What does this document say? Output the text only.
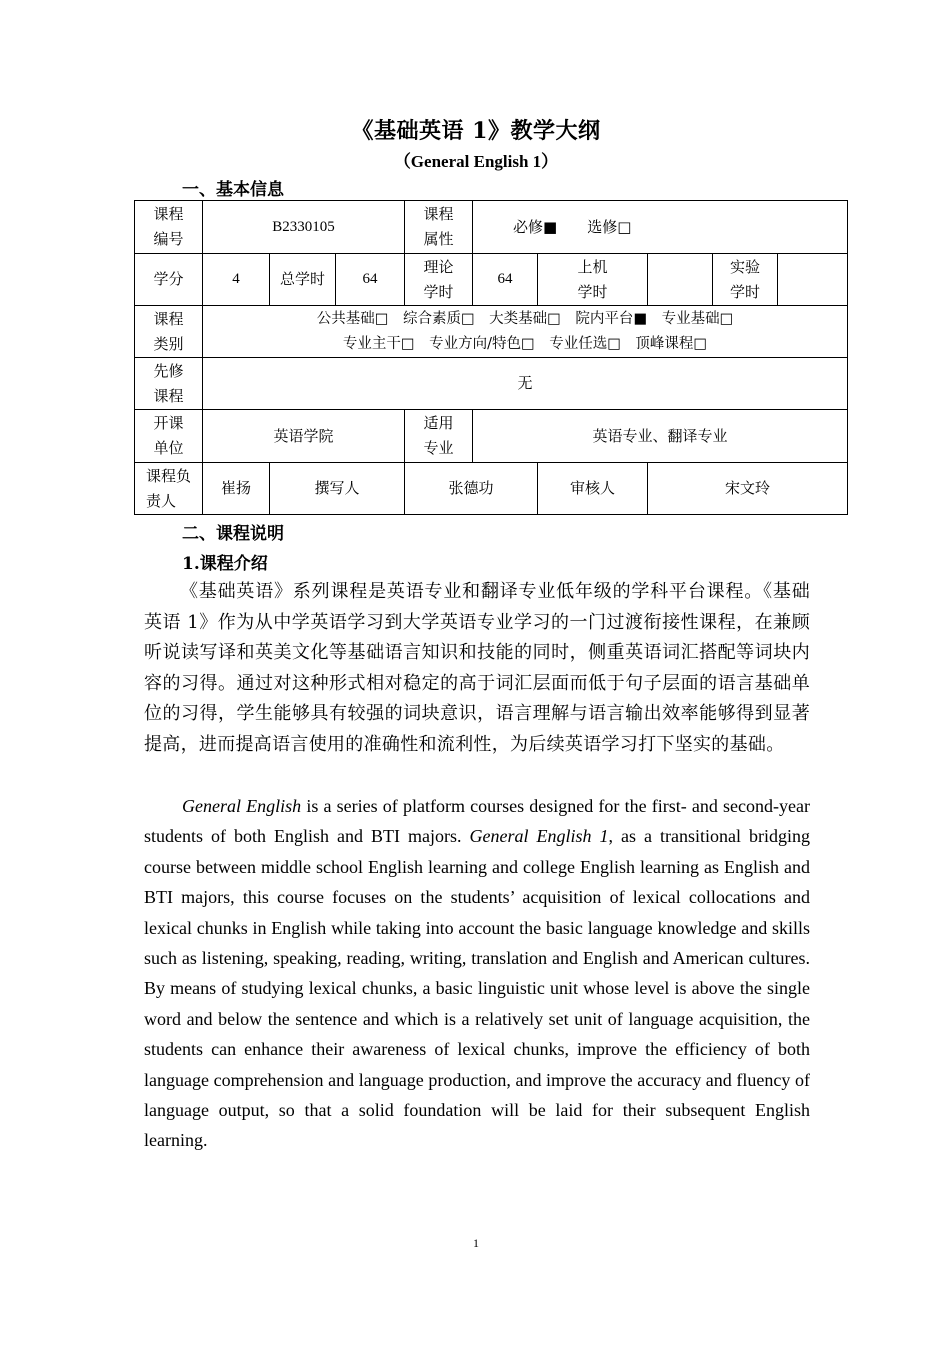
《基础英语 1》教学大纲
（General English 1）
一、基本信息
课程编号	B2330105			课程属性	必修■　　选修□				
学分	4	总学时	64	理论学时	64	上机学时		实验学时	

课程类别	公共基础□　综合素质□　大类基础□　院内平台■　专业基础□
专业主干□　专业方向/特色□　专业任选□　顶峰课程□								

先修课程	无								

开课单位	英语学院			适用专业	英语专业、翻译专业				

课程负责人	崔扬	撰写人		张德功		审核人	宋文玲		
二、课程说明
1.课程介绍

《基础英语》系列课程是英语专业和翻译专业低年级的学科平台课程。《基础英语 1》作为从中学英语学习到大学英语专业学习的一门过渡衔接性课程，在兼顾听说读写译和英美文化等基础语言知识和技能的同时，侧重英语词汇搭配等词块内容的习得。通过对这种形式相对稳定的高于词汇层面而低于句子层面的语言基础单位的习得，学生能够具有较强的词块意识，语言理解与语言输出效率能够得到显著提高，进而提高语言使用的准确性和流利性，为后续英语学习打下坚实的基础。

General English is a series of platform courses designed for the first- and second-year students of both English and BTI majors. General English 1, as a transitional bridging course between middle school English learning and college English learning as English and BTI majors, this course focuses on the students’ acquisition of lexical collocations and lexical chunks in English while taking into account the basic language knowledge and skills such as listening, speaking, reading, writing, translation and English and American cultures. By means of studying lexical chunks, a basic linguistic unit whose level is above the single word and below the sentence and which is a relatively set unit of language acquisition, the students can enhance their awareness of lexical chunks, improve the efficiency of both language comprehension and language production, and improve the accuracy and fluency of language output, so that a solid foundation will be laid for their subsequent English learning.

1
